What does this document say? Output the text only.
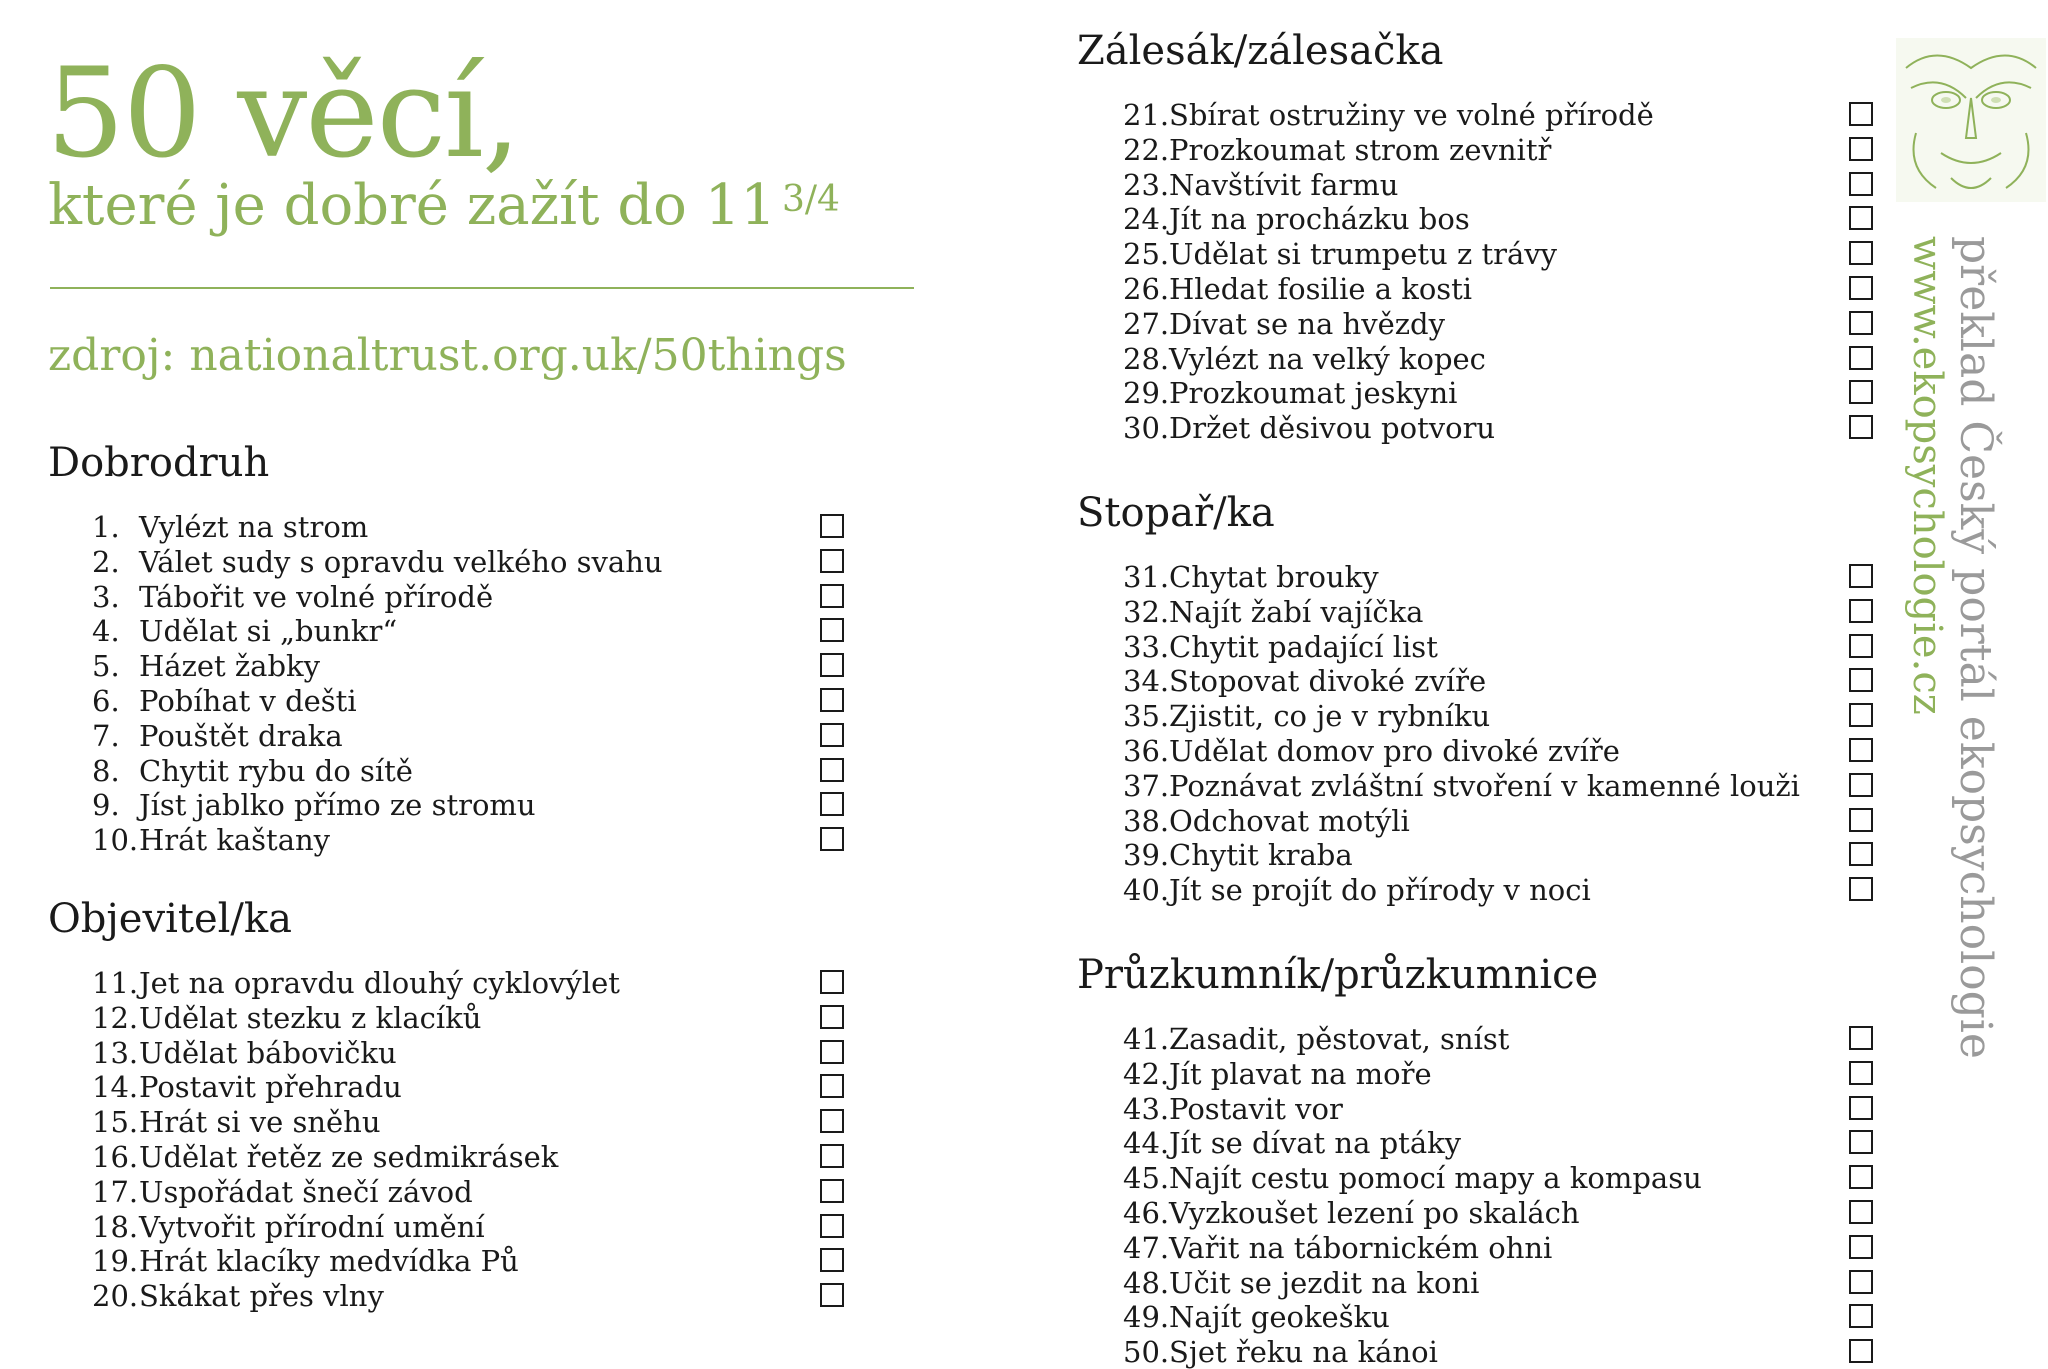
50 věcí,
které je dobré zažít do 11 $^{3/4}$
zdroj: nationaltrust.org.uk/50things
Dobrodruh
1. Vylézt na strom
2. Válet sudy s opravdu velkého svahu
3. Tábořit ve volné přírodě
4. Udělat si „bunkr“
5. Házet žabky
6. Pobíhat v dešti
7. Pouštět draka
8. Chytit rybu do sítě
9. Jíst jablko přímo ze stromu
10. Hrát kaštany
Objevitel/ka
11. Jet na opravdu dlouhý cyklovýlet
12. Udělat stezku z klacíků
13. Udělat bábovičku
14. Postavit přehradu
15. Hrát si ve sněhu
16. Udělat řetěz ze sedmikrásek
17. Uspořádat šnečí závod
18. Vytvořit přírodní umění
19. Hrát klacíky medvídka Pů
20. Skákat přes vlny
Zálesák/zálesačka
21. Sbírat ostružiny ve volné přírodě
22. Prozkoumat strom zevnitř
23. Navštívit farmu
24. Jít na procházku bos
25. Udělat si trumpetu z trávy
26. Hledat fosilie a kosti
27. Dívat se na hvězdy
28. Vylézt na velký kopec
29. Prozkoumat jeskyni
30. Držet děsivou potvoru
Stopař/ka
31. Chytat brouky
32. Najít žabí vajíčka
33. Chytit padající list
34. Stopovat divoké zvíře
35. Zjistit, co je v rybníku
36. Udělat domov pro divoké zvíře
37. Poznávat zvláštní stvoření v kamenné louži
38. Odchovat motýli
39. Chytit kraba
40. Jít se projít do přírody v noci
Průzkumník/průzkumnice
41. Zasadit, pěstovat, sníst
42. Jít plavat na moře
43. Postavit vor
44. Jít se dívat na ptáky
45. Najít cestu pomocí mapy a kompasu
46. Vyzkoušet lezení po skalách
47. Vařit na tábornickém ohni
48. Učit se jezdit na koni
49. Najít geokešku
50. Sjet řeku na kánoi
překlad Český portál ekopsychologie
www.ekopsychologie.cz
